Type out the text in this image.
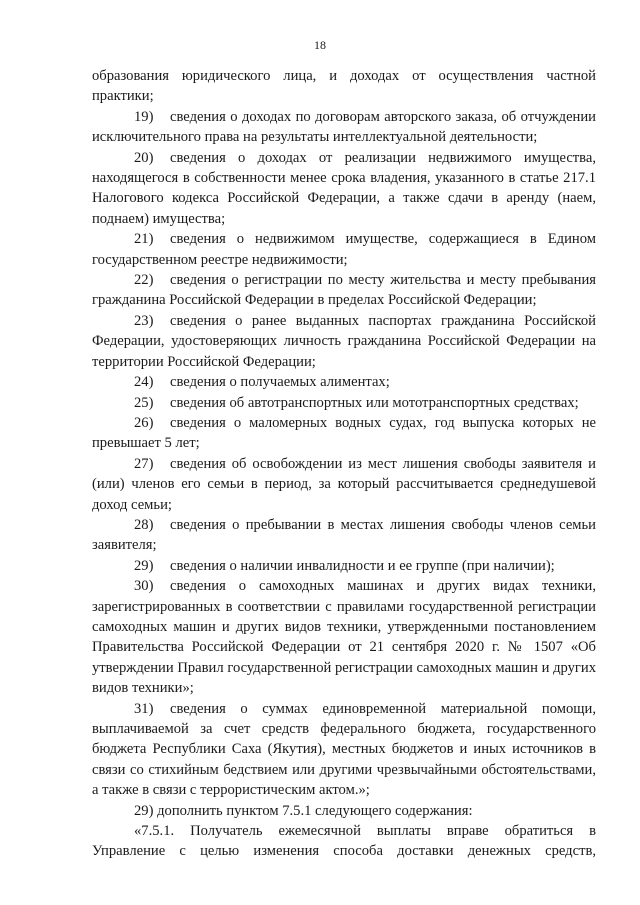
18

образования юридического лица, и доходах от осуществления частной практики;

19) сведения о доходах по договорам авторского заказа, об отчуждении исключительного права на результаты интеллектуальной деятельности;

20) сведения о доходах от реализации недвижимого имущества, находящегося в собственности менее срока владения, указанного в статье 217.1 Налогового кодекса Российской Федерации, а также сдачи в аренду (наем, поднаем) имущества;

21) сведения о недвижимом имуществе, содержащиеся в Едином государственном реестре недвижимости;

22) сведения о регистрации по месту жительства и месту пребывания гражданина Российской Федерации в пределах Российской Федерации;

23) сведения о ранее выданных паспортах гражданина Российской Федерации, удостоверяющих личность гражданина Российской Федерации на территории Российской Федерации;

24) сведения о получаемых алиментах;

25) сведения об автотранспортных или мототранспортных средствах;

26) сведения о маломерных водных судах, год выпуска которых не превышает 5 лет;

27) сведения об освобождении из мест лишения свободы заявителя и (или) членов его семьи в период, за который рассчитывается среднедушевой доход семьи;

28) сведения о пребывании в местах лишения свободы членов семьи заявителя;

29) сведения о наличии инвалидности и ее группе (при наличии);

30) сведения о самоходных машинах и других видах техники, зарегистрированных в соответствии с правилами государственной регистрации самоходных машин и других видов техники, утвержденными постановлением Правительства Российской Федерации от 21 сентября 2020 г. № 1507 «Об утверждении Правил государственной регистрации самоходных машин и других видов техники»;

31) сведения о суммах единовременной материальной помощи, выплачиваемой за счет средств федерального бюджета, государственного бюджета Республики Саха (Якутия), местных бюджетов и иных источников в связи со стихийным бедствием или другими чрезвычайными обстоятельствами, а также в связи с террористическим актом.»;

29) дополнить пунктом 7.5.1 следующего содержания:

«7.5.1. Получатель ежемесячной выплаты вправе обратиться в Управление с целью изменения способа доставки денежных средств,
